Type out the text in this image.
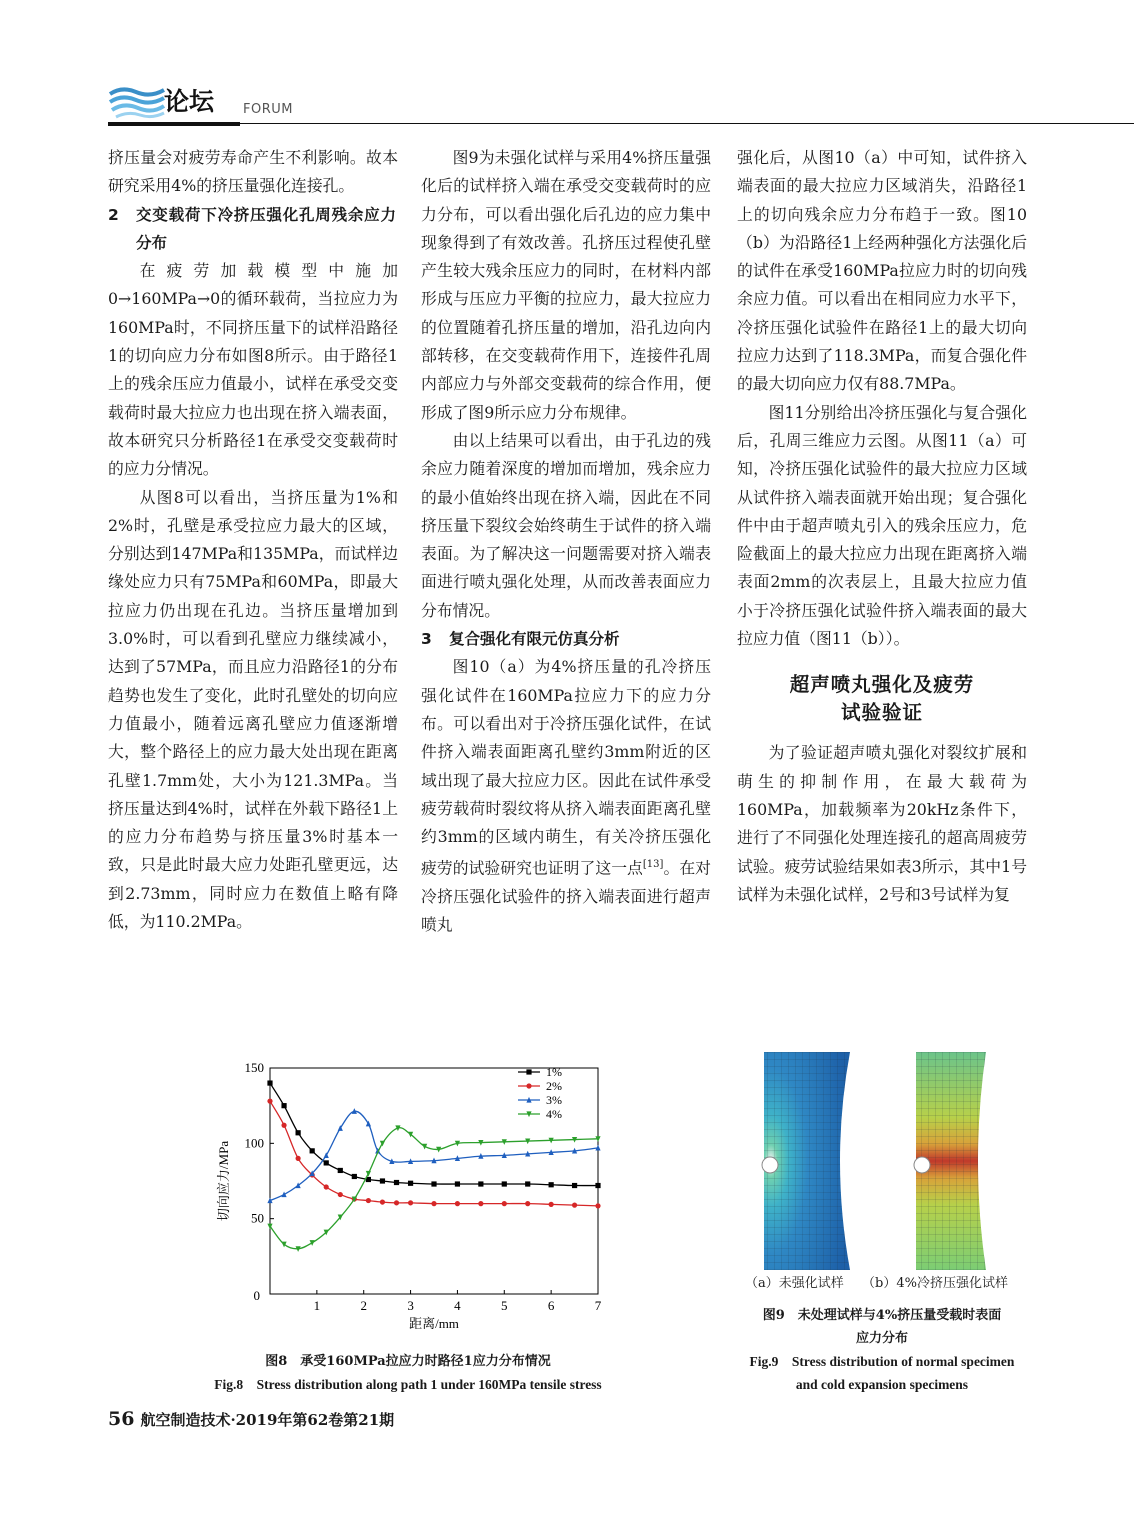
论坛 FORUM

挤压量会对疲劳寿命产生不利影响。故本研究采用4%的挤压量强化连接孔。

2 交变载荷下冷挤压强化孔周残余应力分布

在疲劳加载模型中施加0→160MPa→0的循环载荷，当拉应力为160MPa时，不同挤压量下的试样沿路径1的切向应力分布如图8所示。由于路径1上的残余压应力值最小，试样在承受交变载荷时最大拉应力也出现在挤入端表面，故本研究只分析路径1在承受交变载荷时的应力分情况。

从图8可以看出，当挤压量为1%和2%时，孔壁是承受拉应力最大的区域，分别达到147MPa和135MPa，而试样边缘处应力只有75MPa和60MPa，即最大拉应力仍出现在孔边。当挤压量增加到3.0%时，可以看到孔壁应力继续减小，达到了57MPa，而且应力沿路径1的分布趋势也发生了变化，此时孔壁处的切向应力值最小，随着远离孔壁应力值逐渐增大，整个路径上的应力最大处出现在距离孔壁1.7mm处，大小为121.3MPa。当挤压量达到4%时，试样在外载下路径1上的应力分布趋势与挤压量3%时基本一致，只是此时最大应力处距孔壁更远，达到2.73mm，同时应力在数值上略有降低，为110.2MPa。

图9为未强化试样与采用4%挤压量强化后的试样挤入端在承受交变载荷时的应力分布，可以看出强化后孔边的应力集中现象得到了有效改善。孔挤压过程使孔壁产生较大残余压应力的同时，在材料内部形成与压应力平衡的拉应力，最大拉应力的位置随着孔挤压量的增加，沿孔边向内部转移，在交变载荷作用下，连接件孔周内部应力与外部交变载荷的综合作用，便形成了图9所示应力分布规律。

由以上结果可以看出，由于孔边的残余应力随着深度的增加而增加，残余应力的最小值始终出现在挤入端，因此在不同挤压量下裂纹会始终萌生于试件的挤入端表面。为了解决这一问题需要对挤入端表面进行喷丸强化处理，从而改善表面应力分布情况。

3 复合强化有限元仿真分析

图10（a）为4%挤压量的孔冷挤压强化试件在160MPa拉应力下的应力分布。可以看出对于冷挤压强化试件，在试件挤入端表面距离孔壁约3mm附近的区域出现了最大拉应力区。因此在试件承受疲劳载荷时裂纹将从挤入端表面距离孔壁约3mm的区域内萌生，有关冷挤压强化疲劳的试验研究也证明了这一点[13]。在对冷挤压强化试验件的挤入端表面进行超声喷丸

强化后，从图10（a）中可知，试件挤入端表面的最大拉应力区域消失，沿路径1上的切向残余应力分布趋于一致。图10（b）为沿路径1上经两种强化方法强化后的试件在承受160MPa拉应力时的切向残余应力值。可以看出在相同应力水平下，冷挤压强化试验件在路径1上的最大切向拉应力达到了118.3MPa，而复合强化件的最大切向应力仅有88.7MPa。

图11分别给出冷挤压强化与复合强化后，孔周三维应力云图。从图11（a）可知，冷挤压强化试验件的最大拉应力区域从试件挤入端表面就开始出现；复合强化件中由于超声喷丸引入的残余压应力，危险截面上的最大拉应力出现在距离挤入端表面2mm的次表层上，且最大拉应力值小于冷挤压强化试验件挤入端表面的最大拉应力值（图11（b））。

超声喷丸强化及疲劳
试验验证

为了验证超声喷丸强化对裂纹扩展和萌生的抑制作用，在最大载荷为160MPa，加载频率为20kHz条件下，进行了不同强化处理连接孔的超高周疲劳试验。疲劳试验结果如表3所示，其中1号试样为未强化试样，2号和3号试样为复

1	2	3	4	5	6	7
0
50
100
150
距离/mm
切向应力/MPa
1%
2%
3%
4%
图8　承受160MPa拉应力时路径1应力分布情况
Fig.8　Stress distribution along path 1 under 160MPa tensile stress
（a）未强化试样 （b）4%冷挤压强化试样
图9　未处理试样与4%挤压量受载时表面
应力分布
Fig.9　Stress distribution of normal specimen
and cold expansion specimens
56 航空制造技术·2019年第62卷第21期
